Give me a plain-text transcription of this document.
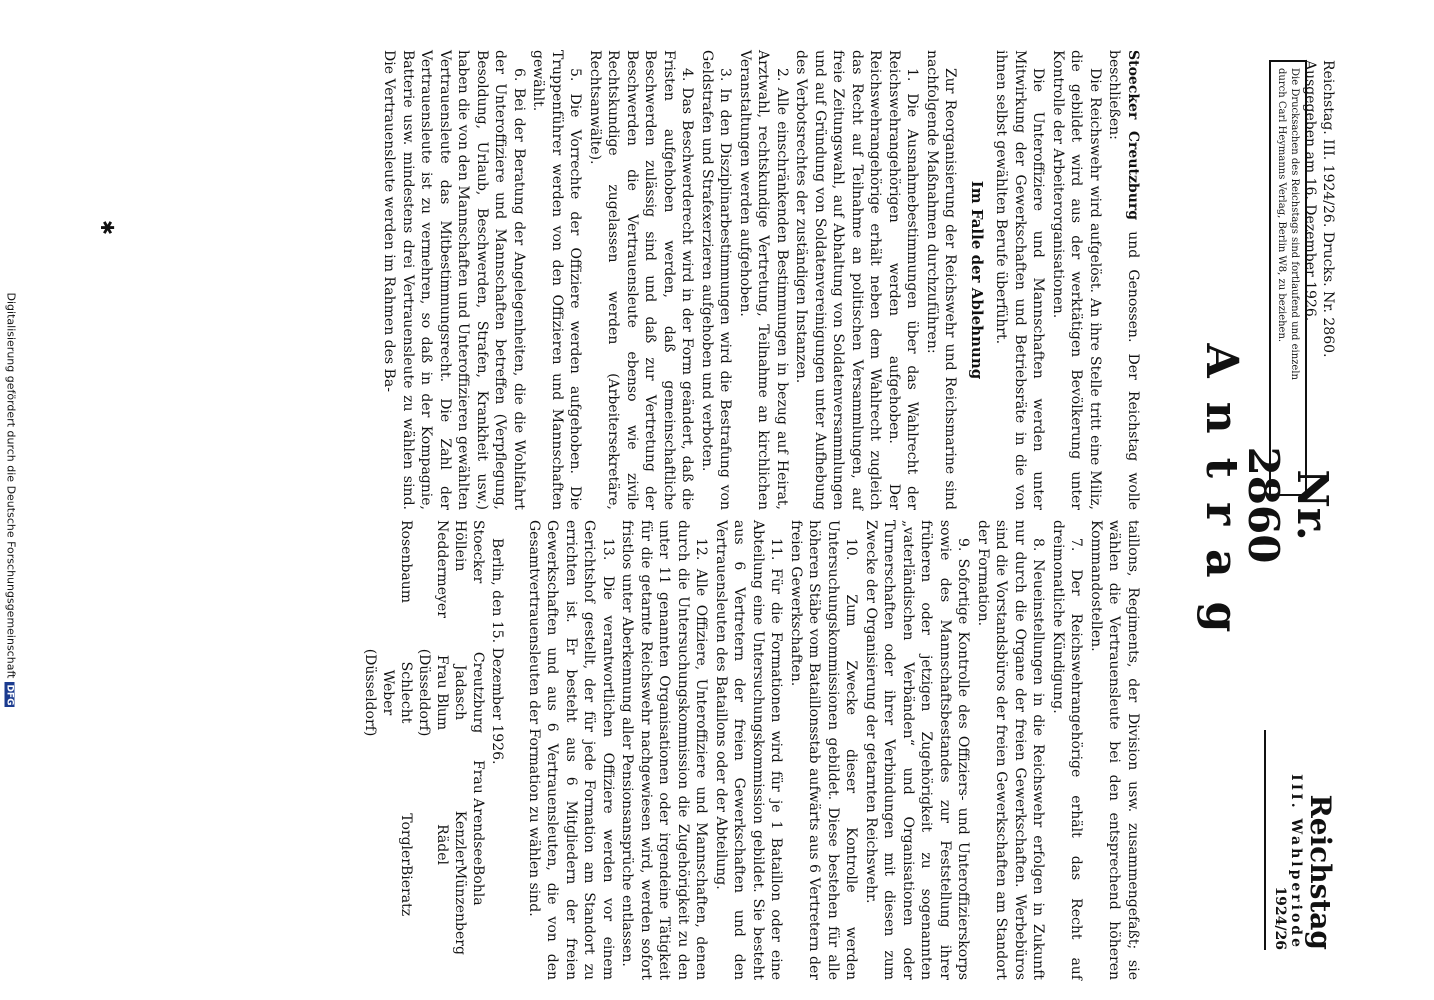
Reichstag. III. 1924/26. Drucks. Nr. 2860. Ausgegeben am 16. Dezember 1926.

Die Drucksachen des Reichstags sind fortlaufend und einzeln
durch Carl Heymanns Verlag, Berlin W8, zu beziehen.
Nr. 2860
Reichstag
III. Wahlperiode
1924/26
Antrag

Stoecker Creutzburg und Genossen. Der Reichstag wolle beschließen:

Die Reichswehr wird aufgelöst. An ihre Stelle tritt eine Miliz, die gebildet wird aus der werktätigen Bevölkerung unter Kontrolle der Arbeiterorganisationen.

Die Unteroffiziere und Mannschaften werden unter Mitwirkung der Gewerkschaften und Betriebsräte in die von ihnen selbst gewählten Berufe überführt.

Im Falle der Ablehnung

Zur Reorganisierung der Reichswehr und Reichsmarine sind nachfolgende Maßnahmen durchzuführen:

1. Die Ausnahmebestimmungen über das Wahlrecht der Reichswehrangehörigen werden aufgehoben. Der Reichswehrangehörige erhält neben dem Wahlrecht zugleich das Recht auf Teilnahme an politischen Versammlungen, auf freie Zeitungswahl, auf Abhaltung von Soldatenversammlungen und auf Gründung von Soldatenvereinigungen unter Aufhebung des Verbotsrechtes der zuständigen Instanzen.

2. Alle einschränkenden Bestimmungen in bezug auf Heirat, Arztwahl, rechtskundige Vertretung, Teilnahme an kirchlichen Veranstaltungen werden aufgehoben.

3. In den Disziplinarbestimmungen wird die Bestrafung von Geldstrafen und Strafexerzieren aufgehoben und verboten.

4. Das Beschwerderecht wird in der Form geändert, daß die Fristen aufgehoben werden, daß gemeinschaftliche Beschwerden zulässig sind und daß zur Vertretung der Beschwerden die Vertrauensleute ebenso wie zivile Rechtskundige zugelassen werden (Arbeitersekretäre, Rechtsanwälte).

5. Die Vorrechte der Offiziere werden aufgehoben. Die Truppenführer werden von den Offizieren und Mannschaften gewählt.

6. Bei der Beratung der Angelegenheiten, die die Wohlfahrt der Unteroffiziere und Mannschaften betreffen (Verpflegung, Besoldung, Urlaub, Beschwerden, Strafen, Krankheit usw.) haben die von den Mannschaften und Unteroffizieren gewählten Vertrauensleute das Mitbestimmungsrecht. Die Zahl der Vertrauensleute ist zu vermehren, so daß in der Kompagnie, Batterie usw. mindestens drei Vertrauensleute zu wählen sind. Die Vertrauensleute werden im Rahmen des Ba-

taillons, Regiments, der Division usw. zusammengefaßt; sie wählen die Vertrauensleute bei den entsprechend höheren Kommandostellen.

7. Der Reichswehrangehörige erhält das Recht auf dreimonatliche Kündigung.

8. Neueinstellungen in die Reichswehr erfolgen in Zukunft nur durch die Organe der freien Gewerkschaften. Werbebüros sind die Vorstandsbüros der freien Gewerkschaften am Standort der Formation.

9. Sofortige Kontrolle des Offiziers- und Unteroffizierskorps sowie des Mannschaftsbestandes zur Feststellung ihrer früheren oder jetzigen Zugehörigkeit zu sogenannten „vaterländischen Verbänden“ und Organisationen oder Turnerschaften oder ihrer Verbindungen mit diesen zum Zwecke der Organisierung der getarnten Reichswehr.

10. Zum Zwecke dieser Kontrolle werden Untersuchungskommissionen gebildet. Diese bestehen für alle höheren Stäbe vom Bataillonsstab aufwärts aus 6 Vertretern der freien Gewerkschaften.

11. Für die Formationen wird für je 1 Bataillon oder eine Abteilung eine Untersuchungskommission gebildet. Sie besteht aus 6 Vertretern der freien Gewerkschaften und den Vertrauensleuten des Bataillons oder der Abteilung.

12. Alle Offiziere, Unteroffiziere und Mannschaften, denen durch die Untersuchungskommission die Zugehörigkeit zu den unter 11 genannten Organisationen oder irgendeine Tätigkeit für die getarnte Reichswehr nachgewiesen wird, werden sofort fristlos unter Aberkennung aller Pensionsansprüche entlassen.

13. Die verantwortlichen Offiziere werden vor einem Gerichtshof gestellt, der für jede Formation am Standort zu errichten ist. Er besteht aus 6 Mitgliedern der freien Gewerkschaften und aus 6 Vertrauensleuten, die von den Gesamtvertrauensleuten der Formation zu wählen sind.

Berlin, den 15. Dezember 1926.

Stoecker
Creutzburg
Frau Arendsee
Bohla
Höllein
Jadasch
Kenzler
Münzenberg
Neddermeyer
Frau Blum (Düsseldorf)
Rädel
Rosenbaum
Schlecht
Torgler
Bieratz
Weber (Düsseldorf)
✱
Digitalisierung gefördert durch die Deutsche ForschungsgemeinschaftDFG
